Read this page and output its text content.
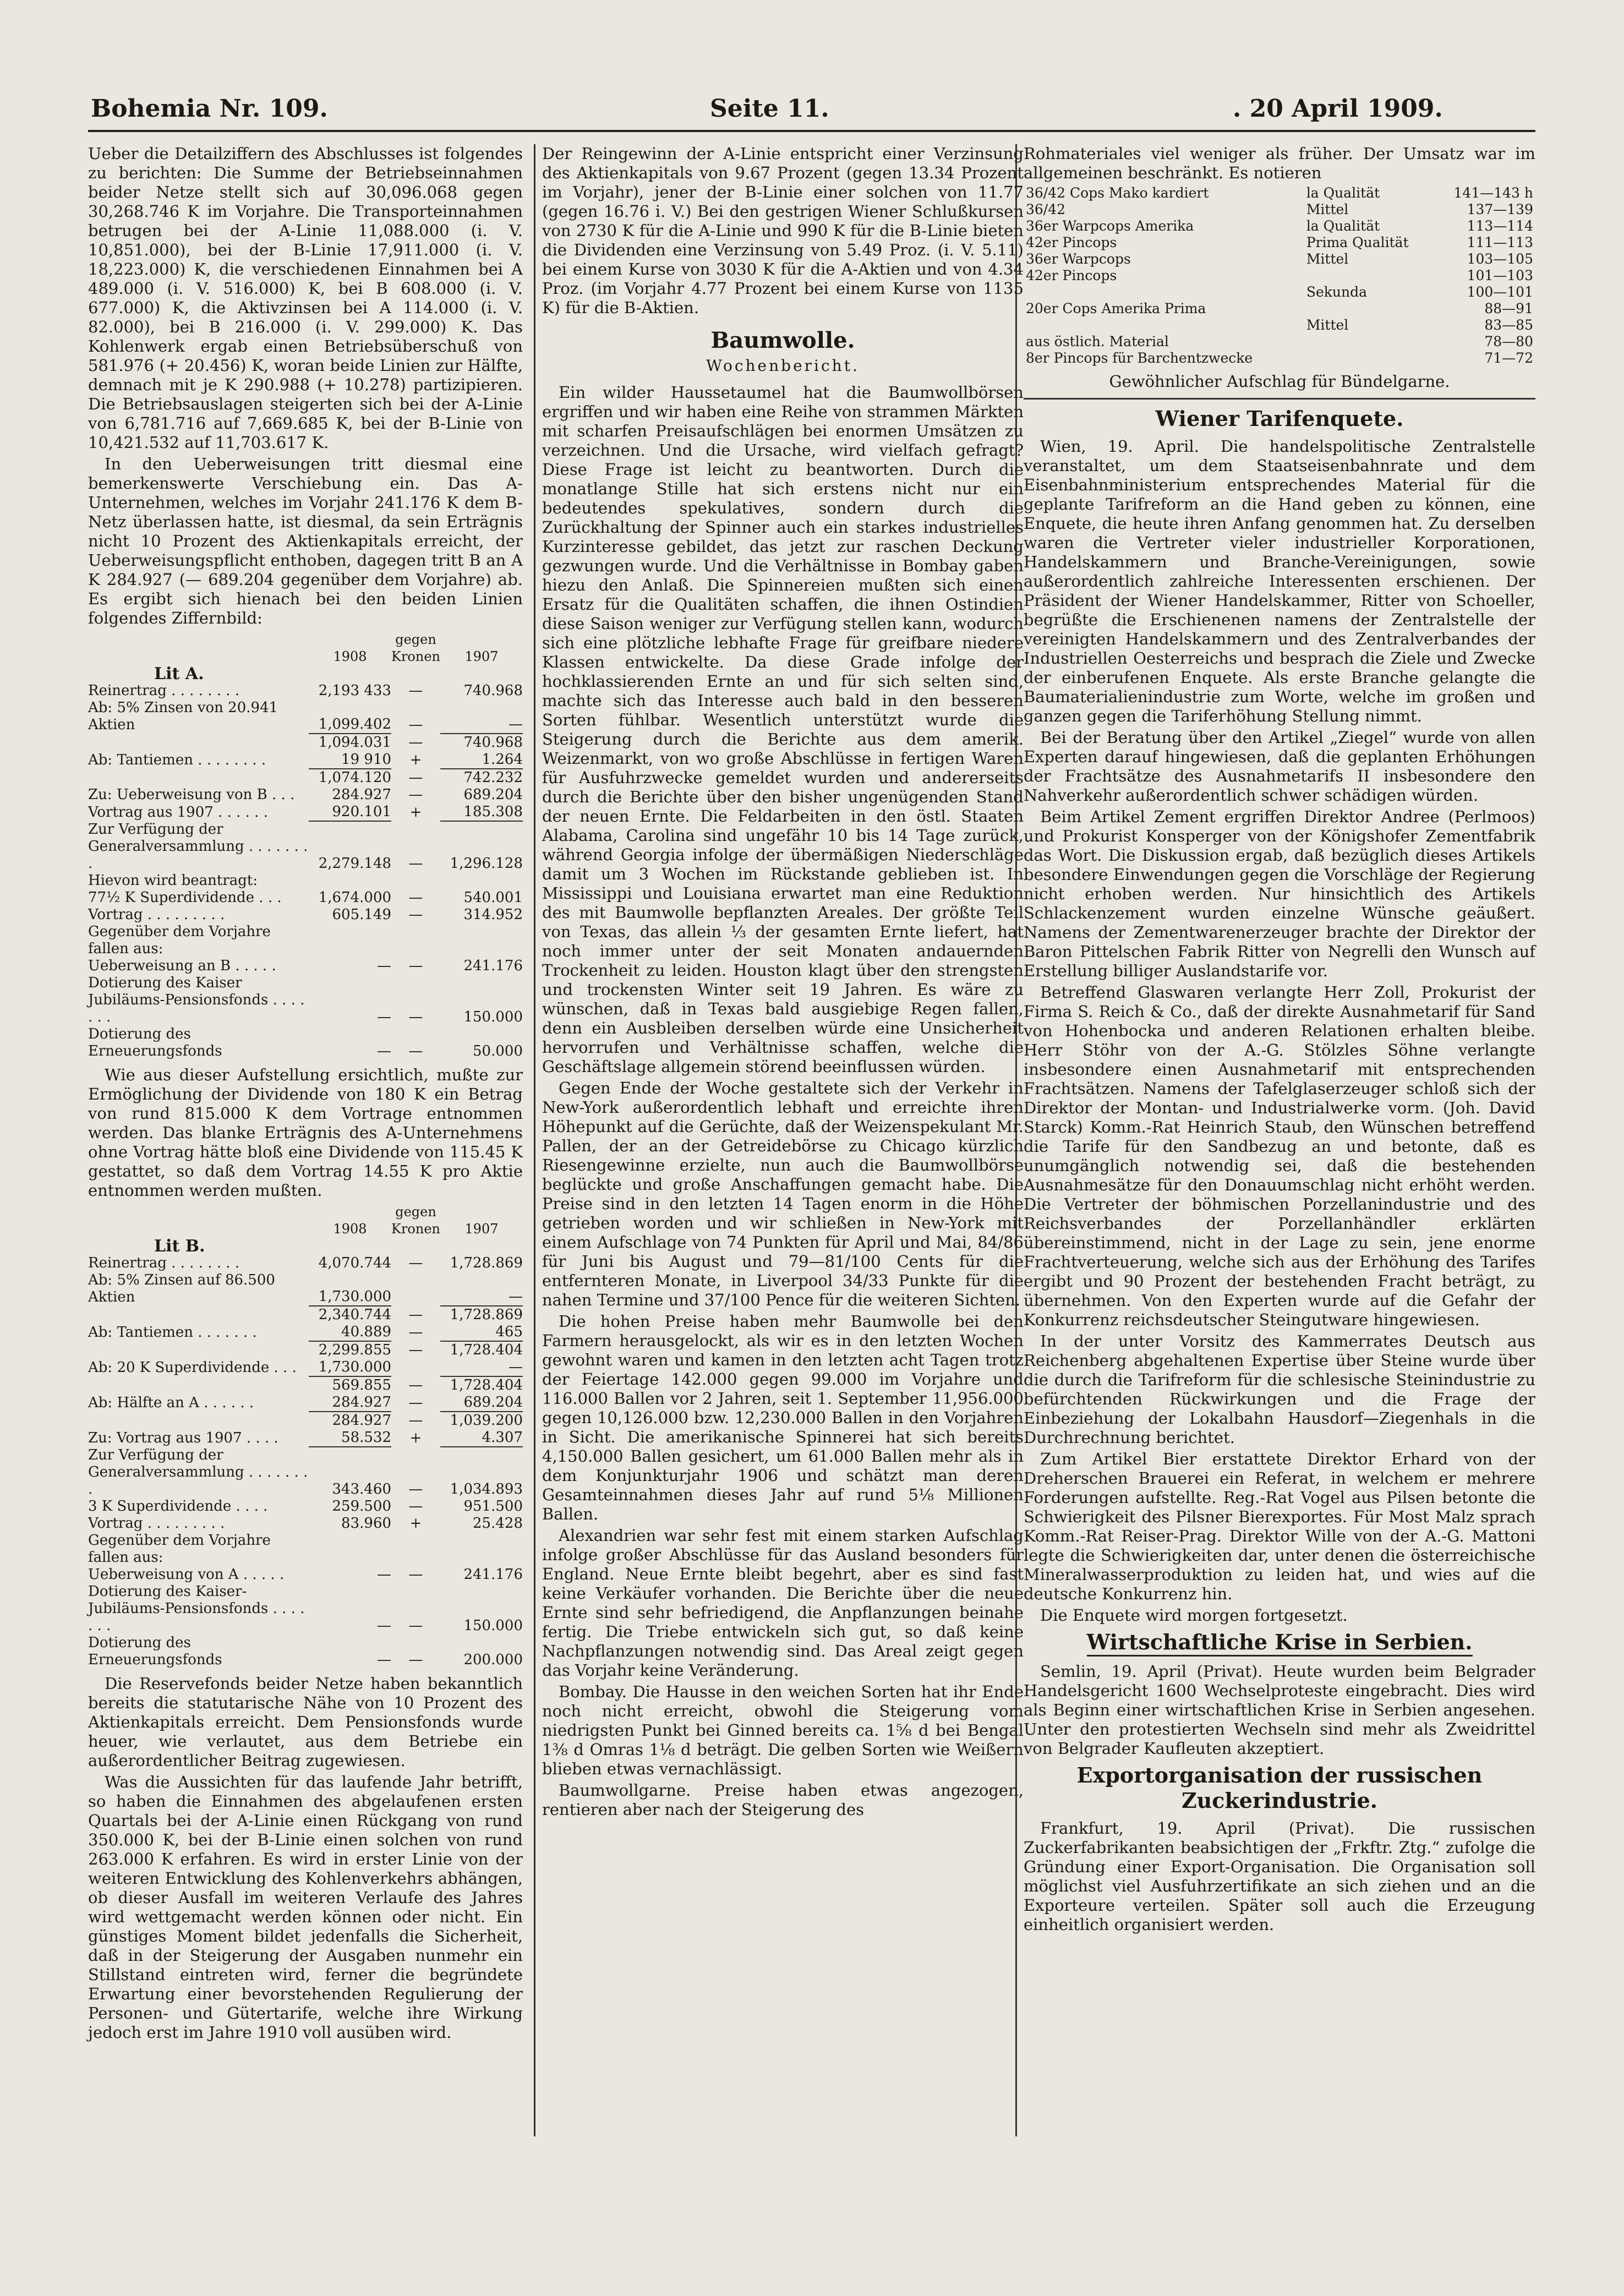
Bohemia Nr. 109.	Seite 11.	. 20 April 1909.

Ueber die Detailziffern des Abschlusses ist folgendes zu berichten: Die Summe der Betriebseinnahmen beider Netze stellt sich auf 30,096.068 gegen 30,268.746 K im Vorjahre. Die Transporteinnahmen betrugen bei der A-Linie 11,088.000 (i. V. 10,851.000), bei der B-Linie 17,911.000 (i. V. 18,223.000) K, die verschiedenen Einnahmen bei A 489.000 (i. V. 516.000) K, bei B 608.000 (i. V. 677.000) K, die Aktivzinsen bei A 114.000 (i. V. 82.000), bei B 216.000 (i. V. 299.000) K. Das Kohlenwerk ergab einen Betriebsüberschuß von 581.976 (+ 20.456) K, woran beide Linien zur Hälfte, demnach mit je K 290.988 (+ 10.278) partizipieren. Die Betriebsauslagen steigerten sich bei der A-Linie von 6,781.716 auf 7,669.685 K, bei der B-Linie von 10,421.532 auf 11,703.617 K.

In den Ueberweisungen tritt diesmal eine bemerkenswerte Verschiebung ein. Das A-Unternehmen, welches im Vorjahr 241.176 K dem B-Netz überlassen hatte, ist diesmal, da sein Erträgnis nicht 10 Prozent des Aktienkapitals erreicht, der Ueberweisungspflicht enthoben, dagegen tritt B an A K 284.927 (— 689.204 gegenüber dem Vorjahre) ab. Es ergibt sich hienach bei den beiden Linien folgendes Ziffernbild:

	1908	gegen Kronen	1907
Lit A.			
Reinertrag . . . . . . . .	2,193 433	—	740.968
Ab: 5% Zinsen von 20.941 Aktien	1,099.402	—	—
	1,094.031	—	740.968
Ab: Tantiemen . . . . . . . .	19 910	+	1.264
	1,074.120	—	742.232
Zu: Ueberweisung von B . . .	284.927	—	689.204
Vortrag aus 1907 . . . . . .	920.101	+	185.308
Zur Verfügung der Generalversammlung . . . . . . . .	2,279.148	—	1,296.128
Hievon wird beantragt:			
77½ K Superdividende . . .	1,674.000	—	540.001
Vortrag . . . . . . . . .	605.149	—	314.952
Gegenüber dem Vorjahre fallen aus:			
Ueberweisung an B . . . . .	—	—	241.176
Dotierung des Kaiser Jubiläums-Pensionsfonds . . . . . . .	—	—	150.000
Dotierung des Erneuerungsfonds	—	—	50.000

Wie aus dieser Aufstellung ersichtlich, mußte zur Ermöglichung der Dividende von 180 K ein Betrag von rund 815.000 K dem Vortrage entnommen werden. Das blanke Erträgnis des A-Unternehmens ohne Vortrag hätte bloß eine Dividende von 115.45 K gestattet, so daß dem Vortrag 14.55 K pro Aktie entnommen werden mußten.

	1908	gegen Kronen	1907
Lit B.			
Reinertrag . . . . . . . .	4,070.744	—	1,728.869
Ab: 5% Zinsen auf 86.500 Aktien	1,730.000		—
	2,340.744	—	1,728.869
Ab: Tantiemen . . . . . . .	40.889	—	465
	2,299.855	—	1,728.404
Ab: 20 K Superdividende . . .	1,730.000		—
	569.855	—	1,728.404
Ab: Hälfte an A . . . . . .	284.927	—	689.204
	284.927	—	1,039.200
Zu: Vortrag aus 1907 . . . .	58.532	+	4.307
Zur Verfügung der Generalversammlung . . . . . . . .	343.460	—	1,034.893
3 K Superdividende . . . .	259.500	—	951.500
Vortrag . . . . . . . . .	83.960	+	25.428
Gegenüber dem Vorjahre fallen aus:			
Ueberweisung von A . . . . .	—	—	241.176
Dotierung des Kaiser-Jubiläums-Pensionsfonds . . . . . . .	—	—	150.000
Dotierung des Erneuerungsfonds	—	—	200.000

Die Reservefonds beider Netze haben bekanntlich bereits die statutarische Nähe von 10 Prozent des Aktienkapitals erreicht. Dem Pensionsfonds wurde heuer, wie verlautet, aus dem Betriebe ein außerordentlicher Beitrag zugewiesen.

Was die Aussichten für das laufende Jahr betrifft, so haben die Einnahmen des abgelaufenen ersten Quartals bei der A-Linie einen Rückgang von rund 350.000 K, bei der B-Linie einen solchen von rund 263.000 K erfahren. Es wird in erster Linie von der weiteren Entwicklung des Kohlenverkehrs abhängen, ob dieser Ausfall im weiteren Verlaufe des Jahres wird wettgemacht werden können oder nicht. Ein günstiges Moment bildet jedenfalls die Sicherheit, daß in der Steigerung der Ausgaben nunmehr ein Stillstand eintreten wird, ferner die begründete Erwartung einer bevorstehenden Regulierung der Personen- und Gütertarife, welche ihre Wirkung jedoch erst im Jahre 1910 voll ausüben wird.

Der Reingewinn der A-Linie entspricht einer Verzinsung des Aktienkapitals von 9.67 Prozent (gegen 13.34 Prozent im Vorjahr), jener der B-Linie einer solchen von 11.77 (gegen 16.76 i. V.) Bei den gestrigen Wiener Schlußkursen von 2730 K für die A-Linie und 990 K für die B-Linie bieten die Dividenden eine Verzinsung von 5.49 Proz. (i. V. 5.11) bei einem Kurse von 3030 K für die A-Aktien und von 4.34 Proz. (im Vorjahr 4.77 Prozent bei einem Kurse von 1135 K) für die B-Aktien.

Baumwolle.
Wochenbericht.

Ein wilder Haussetaumel hat die Baumwollbörsen ergriffen und wir haben eine Reihe von strammen Märkten mit scharfen Preisaufschlägen bei enormen Umsätzen zu verzeichnen. Und die Ursache, wird vielfach gefragt? Diese Frage ist leicht zu beantworten. Durch die monatlange Stille hat sich erstens nicht nur ein bedeutendes spekulatives, sondern durch die Zurückhaltung der Spinner auch ein starkes industrielles Kurzinteresse gebildet, das jetzt zur raschen Deckung gezwungen wurde. Und die Verhältnisse in Bombay gaben hiezu den Anlaß. Die Spinnereien mußten sich einen Ersatz für die Qualitäten schaffen, die ihnen Ostindien diese Saison weniger zur Verfügung stellen kann, wodurch sich eine plötzliche lebhafte Frage für greifbare niedere Klassen entwickelte. Da diese Grade infolge der hochklassierenden Ernte an und für sich selten sind, machte sich das Interesse auch bald in den besseren Sorten fühlbar. Wesentlich unterstützt wurde die Steigerung durch die Berichte aus dem amerik. Weizenmarkt, von wo große Abschlüsse in fertigen Waren für Ausfuhrzwecke gemeldet wurden und andererseits durch die Berichte über den bisher ungenügenden Stand der neuen Ernte. Die Feldarbeiten in den östl. Staaten Alabama, Carolina sind ungefähr 10 bis 14 Tage zurück, während Georgia infolge der übermäßigen Niederschläge damit um 3 Wochen im Rückstande geblieben ist. In Mississippi und Louisiana erwartet man eine Reduktion des mit Baumwolle bepflanzten Areales. Der größte Teil von Texas, das allein ⅓ der gesamten Ernte liefert, hat noch immer unter der seit Monaten andauernden Trockenheit zu leiden. Houston klagt über den strengsten und trockensten Winter seit 19 Jahren. Es wäre zu wünschen, daß in Texas bald ausgiebige Regen fallen, denn ein Ausbleiben derselben würde eine Unsicherheit hervorrufen und Verhältnisse schaffen, welche die Geschäftslage allgemein störend beeinflussen würden.

Gegen Ende der Woche gestaltete sich der Verkehr in New-York außerordentlich lebhaft und erreichte ihren Höhepunkt auf die Gerüchte, daß der Weizenspekulant Mr. Pallen, der an der Getreidebörse zu Chicago kürzlich Riesengewinne erzielte, nun auch die Baumwollbörse beglückte und große Anschaffungen gemacht habe. Die Preise sind in den letzten 14 Tagen enorm in die Höhe getrieben worden und wir schließen in New-York mit einem Aufschlage von 74 Punkten für April und Mai, 84/86 für Juni bis August und 79—81/100 Cents für die entfernteren Monate, in Liverpool 34/33 Punkte für die nahen Termine und 37/100 Pence für die weiteren Sichten.

Die hohen Preise haben mehr Baumwolle bei den Farmern herausgelockt, als wir es in den letzten Wochen gewohnt waren und kamen in den letzten acht Tagen trotz der Feiertage 142.000 gegen 99.000 im Vorjahre und 116.000 Ballen vor 2 Jahren, seit 1. September 11,956.000 gegen 10,126.000 bzw. 12,230.000 Ballen in den Vorjahren in Sicht. Die amerikanische Spinnerei hat sich bereits 4,150.000 Ballen gesichert, um 61.000 Ballen mehr als in dem Konjunkturjahr 1906 und schätzt man deren Gesamteinnahmen dieses Jahr auf rund 5⅛ Millionen Ballen.

Alexandrien war sehr fest mit einem starken Aufschlag infolge großer Abschlüsse für das Ausland besonders für England. Neue Ernte bleibt begehrt, aber es sind fast keine Verkäufer vorhanden. Die Berichte über die neue Ernte sind sehr befriedigend, die Anpflanzungen beinahe fertig. Die Triebe entwickeln sich gut, so daß keine Nachpflanzungen notwendig sind. Das Areal zeigt gegen das Vorjahr keine Veränderung.

Bombay. Die Hausse in den weichen Sorten hat ihr Ende noch nicht erreicht, obwohl die Steigerung vom niedrigsten Punkt bei Ginned bereits ca. 1⅝ d bei Bengal 1⅜ d Omras 1⅛ d beträgt. Die gelben Sorten wie Weißern blieben etwas vernachlässigt.

Baumwollgarne. Preise haben etwas angezogen, rentieren aber nach der Steigerung des

Rohmateriales viel weniger als früher. Der Umsatz war im allgemeinen beschränkt. Es notieren

36/42 Cops Mako kardiert	la Qualität	141—143 h
36/42	Mittel	137—139
36er Warpcops Amerika	la Qualität	113—114
42er Pincops	Prima Qualität	111—113
36er Warpcops	Mittel	103—105
42er Pincops		101—103
	Sekunda	100—101
20er Cops Amerika Prima		88—91
	Mittel	83—85
aus östlich. Material		78—80
8er Pincops für Barchentzwecke		71—72

Gewöhnlicher Aufschlag für Bündelgarne.

Wiener Tarifenquete.

Wien, 19. April. Die handelspolitische Zentralstelle veranstaltet, um dem Staatseisenbahnrate und dem Eisenbahnministerium entsprechendes Material für die geplante Tarifreform an die Hand geben zu können, eine Enquete, die heute ihren Anfang genommen hat. Zu derselben waren die Vertreter vieler industrieller Korporationen, Handelskammern und Branche-Vereinigungen, sowie außerordentlich zahlreiche Interessenten erschienen. Der Präsident der Wiener Handelskammer, Ritter von Schoeller, begrüßte die Erschienenen namens der Zentralstelle der vereinigten Handelskammern und des Zentralverbandes der Industriellen Oesterreichs und besprach die Ziele und Zwecke der einberufenen Enquete. Als erste Branche gelangte die Baumaterialienindustrie zum Worte, welche im großen und ganzen gegen die Tariferhöhung Stellung nimmt.

Bei der Beratung über den Artikel „Ziegel“ wurde von allen Experten darauf hingewiesen, daß die geplanten Erhöhungen der Frachtsätze des Ausnahmetarifs II insbesondere den Nahverkehr außerordentlich schwer schädigen würden.

Beim Artikel Zement ergriffen Direktor Andree (Perlmoos) und Prokurist Konsperger von der Königshofer Zementfabrik das Wort. Die Diskussion ergab, daß bezüglich dieses Artikels besondere Einwendungen gegen die Vorschläge der Regierung nicht erhoben werden. Nur hinsichtlich des Artikels Schlackenzement wurden einzelne Wünsche geäußert. Namens der Zementwarenerzeuger brachte der Direktor der Baron Pittelschen Fabrik Ritter von Negrelli den Wunsch auf Erstellung billiger Auslandstarife vor.

Betreffend Glaswaren verlangte Herr Zoll, Prokurist der Firma S. Reich & Co., daß der direkte Ausnahmetarif für Sand von Hohenbocka und anderen Relationen erhalten bleibe. Herr Stöhr von der A.-G. Stölzles Söhne verlangte insbesondere einen Ausnahmetarif mit entsprechenden Frachtsätzen. Namens der Tafelglaserzeuger schloß sich der Direktor der Montan- und Industrialwerke vorm. (Joh. David Starck) Komm.-Rat Heinrich Staub, den Wünschen betreffend die Tarife für den Sandbezug an und betonte, daß es unumgänglich notwendig sei, daß die bestehenden Ausnahmesätze für den Donauumschlag nicht erhöht werden. Die Vertreter der böhmischen Porzellanindustrie und des Reichsverbandes der Porzellanhändler erklärten übereinstimmend, nicht in der Lage zu sein, jene enorme Frachtverteuerung, welche sich aus der Erhöhung des Tarifes ergibt und 90 Prozent der bestehenden Fracht beträgt, zu übernehmen. Von den Experten wurde auf die Gefahr der Konkurrenz reichsdeutscher Steingutware hingewiesen.

In der unter Vorsitz des Kammerrates Deutsch aus Reichenberg abgehaltenen Expertise über Steine wurde über die durch die Tarifreform für die schlesische Steinindustrie zu befürchtenden Rückwirkungen und die Frage der Einbeziehung der Lokalbahn Hausdorf—Ziegenhals in die Durchrechnung berichtet.

Zum Artikel Bier erstattete Direktor Erhard von der Dreherschen Brauerei ein Referat, in welchem er mehrere Forderungen aufstellte. Reg.-Rat Vogel aus Pilsen betonte die Schwierigkeit des Pilsner Bierexportes. Für Most Malz sprach Komm.-Rat Reiser-Prag. Direktor Wille von der A.-G. Mattoni legte die Schwierigkeiten dar, unter denen die österreichische Mineralwasserproduktion zu leiden hat, und wies auf die deutsche Konkurrenz hin.

Die Enquete wird morgen fortgesetzt.

Wirtschaftliche Krise in Serbien.

Semlin, 19. April (Privat). Heute wurden beim Belgrader Handelsgericht 1600 Wechselproteste eingebracht. Dies wird als Beginn einer wirtschaftlichen Krise in Serbien angesehen. Unter den protestierten Wechseln sind mehr als Zweidrittel von Belgrader Kaufleuten akzeptiert.

Exportorganisation der russischen
Zuckerindustrie.

Frankfurt, 19. April (Privat). Die russischen Zuckerfabrikanten beabsichtigen der „Frkftr. Ztg.“ zufolge die Gründung einer Export-Organisation. Die Organisation soll möglichst viel Ausfuhrzertifikate an sich ziehen und an die Exporteure verteilen. Später soll auch die Erzeugung einheitlich organisiert werden.
